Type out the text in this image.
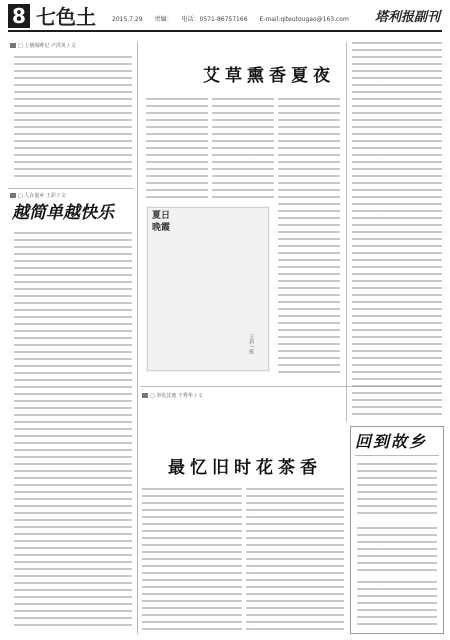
8 七色土	2015.7.29　　责编：　　电话：0571-86757166　　E-mail:qiteutougao@163.com 塔利报副刊
□ 上塘阁畔记 卢洪英 / 文
□ 人在他乡 王彩 / 文
越简单越快乐
艾草熏香夏夜
夏日
晚霞
王莉 / 摄
□ 奉化沈地 王秀华 / 文
最忆旧时花茶香
回到故乡
